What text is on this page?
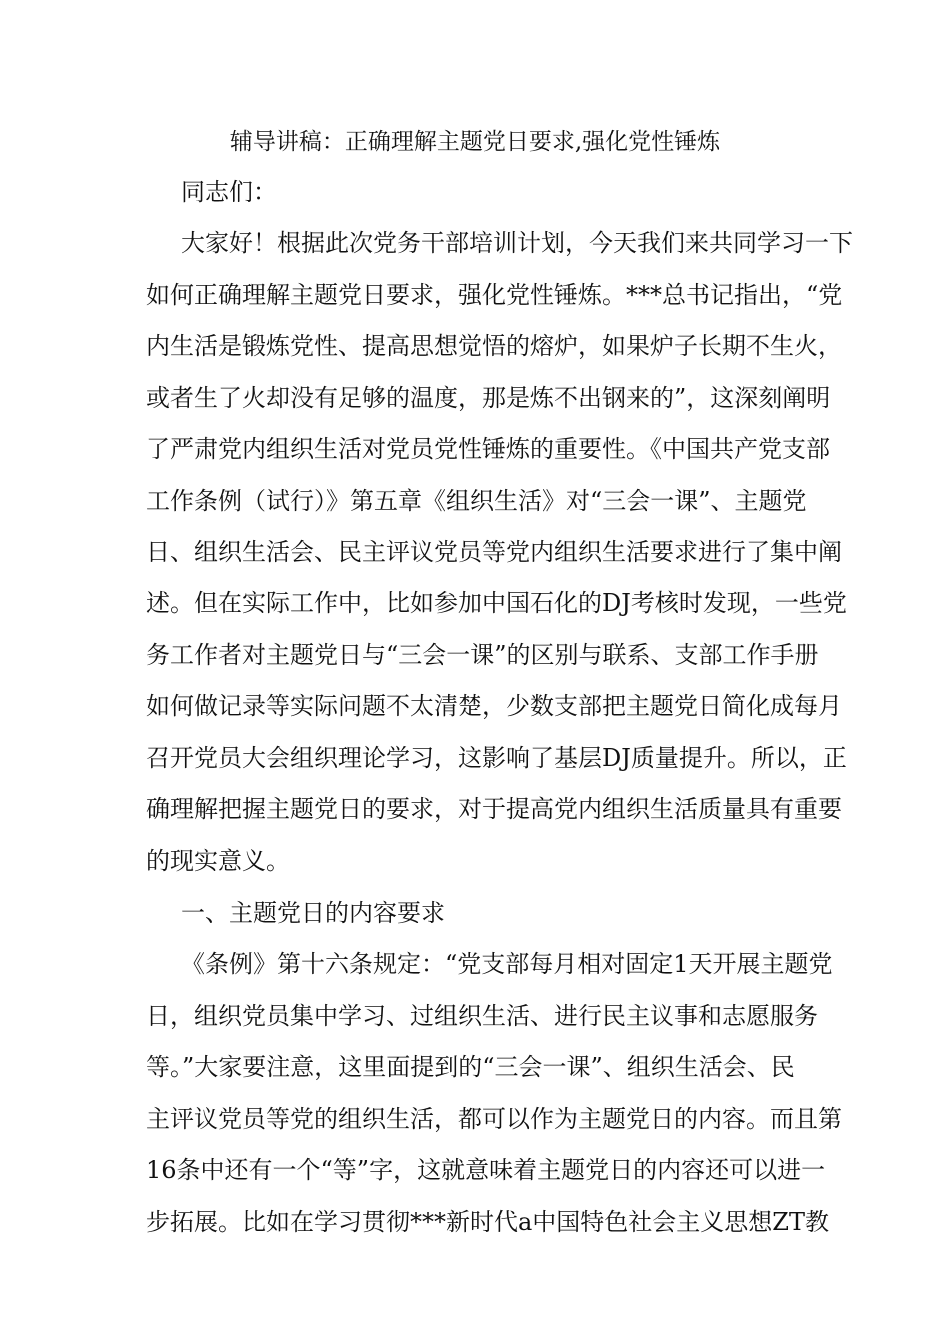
辅导讲稿：正确理解主题党日要求,强化党性锤炼
同志们：
大家好！根据此次党务干部培训计划，今天我们来共同学习一下
如何正确理解主题党日要求，强化党性锤炼。***总书记指出，“党
内生活是锻炼党性、提高思想觉悟的熔炉，如果炉子长期不生火，
或者生了火却没有足够的温度，那是炼不出钢来的”，这深刻阐明
了严肃党内组织生活对党员党性锤炼的重要性。《中国共产党支部
工作条例（试行）》第五章《组织生活》对“三会一课”、主题党
日、组织生活会、民主评议党员等党内组织生活要求进行了集中阐
述。但在实际工作中，比如参加中国石化的DJ考核时发现，一些党
务工作者对主题党日与“三会一课”的区别与联系、支部工作手册
如何做记录等实际问题不太清楚，少数支部把主题党日简化成每月
召开党员大会组织理论学习，这影响了基层DJ质量提升。所以，正
确理解把握主题党日的要求，对于提高党内组织生活质量具有重要
的现实意义。
一、主题党日的内容要求
《条例》第十六条规定：“党支部每月相对固定1天开展主题党
日，组织党员集中学习、过组织生活、进行民主议事和志愿服务
等。”大家要注意，这里面提到的“三会一课”、组织生活会、民
主评议党员等党的组织生活，都可以作为主题党日的内容。而且第
16条中还有一个“等”字，这就意味着主题党日的内容还可以进一
步拓展。比如在学习贯彻***新时代a中国特色社会主义思想ZT教
